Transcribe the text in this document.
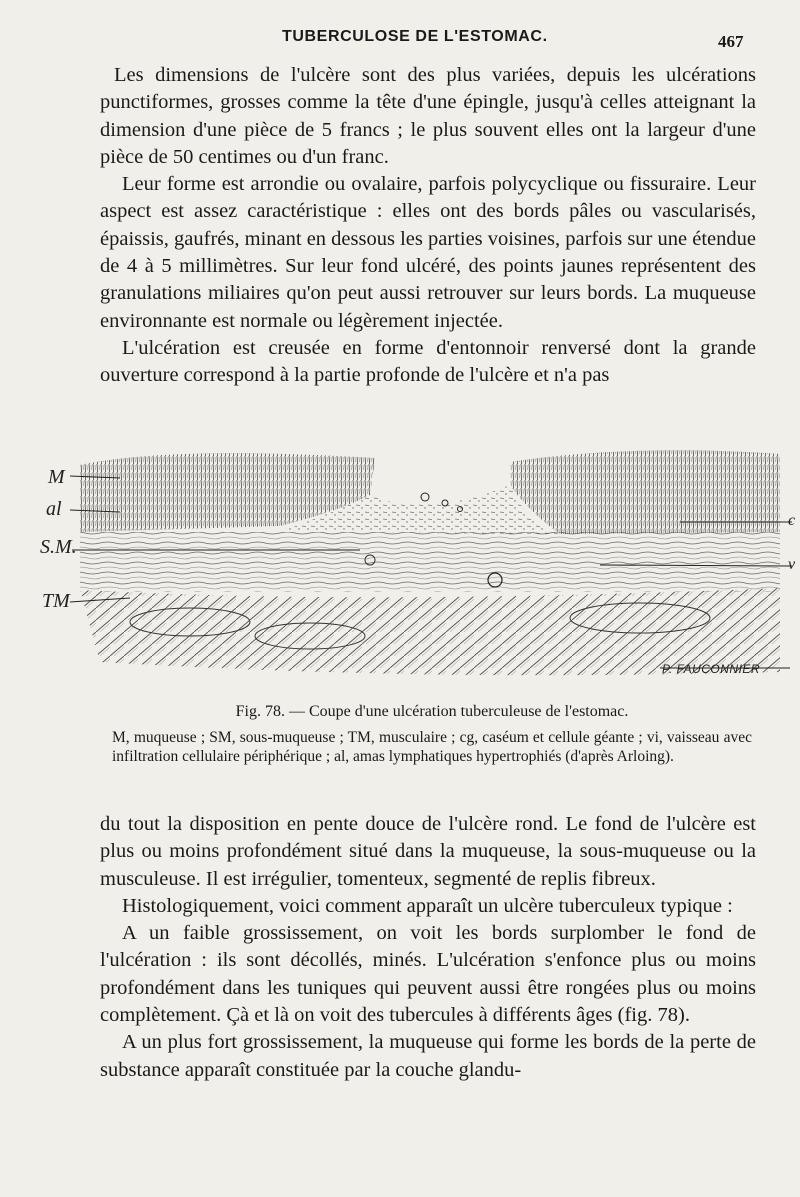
TUBERCULOSE DE L'ESTOMAC.	467

Les dimensions de l'ulcère sont des plus variées, depuis les ulcérations punctiformes, grosses comme la tête d'une épingle, jusqu'à celles atteignant la dimension d'une pièce de 5 francs ; le plus souvent elles ont la largeur d'une pièce de 50 centimes ou d'un franc.

Leur forme est arrondie ou ovalaire, parfois polycyclique ou fissuraire. Leur aspect est assez caractéristique : elles ont des bords pâles ou vascularisés, épaissis, gaufrés, minant en dessous les parties voisines, parfois sur une étendue de 4 à 5 millimètres. Sur leur fond ulcéré, des points jaunes représentent des granulations miliaires qu'on peut aussi retrouver sur leurs bords. La muqueuse environnante est normale ou légèrement injectée.

L'ulcération est creusée en forme d'entonnoir renversé dont la grande ouverture correspond à la partie profonde de l'ulcère et n'a pas

M
al
S.M.
TM
c
v
P. FAUCONNIER

Fig. 78. — Coupe d'une ulcération tuberculeuse de l'estomac.

M, muqueuse ; SM, sous-muqueuse ; TM, musculaire ; cg, caséum et cellule géante ; vi, vaisseau avec infiltration cellulaire périphérique ; al, amas lymphatiques hypertrophiés (d'après Arloing).

du tout la disposition en pente douce de l'ulcère rond. Le fond de l'ulcère est plus ou moins profondément situé dans la muqueuse, la sous-muqueuse ou la musculeuse. Il est irrégulier, tomenteux, segmenté de replis fibreux.

Histologiquement, voici comment apparaît un ulcère tuberculeux typique :

A un faible grossissement, on voit les bords surplomber le fond de l'ulcération : ils sont décollés, minés. L'ulcération s'enfonce plus ou moins profondément dans les tuniques qui peuvent aussi être rongées plus ou moins complètement. Çà et là on voit des tubercules à différents âges (fig. 78).

A un plus fort grossissement, la muqueuse qui forme les bords de la perte de substance apparaît constituée par la couche glandu-
